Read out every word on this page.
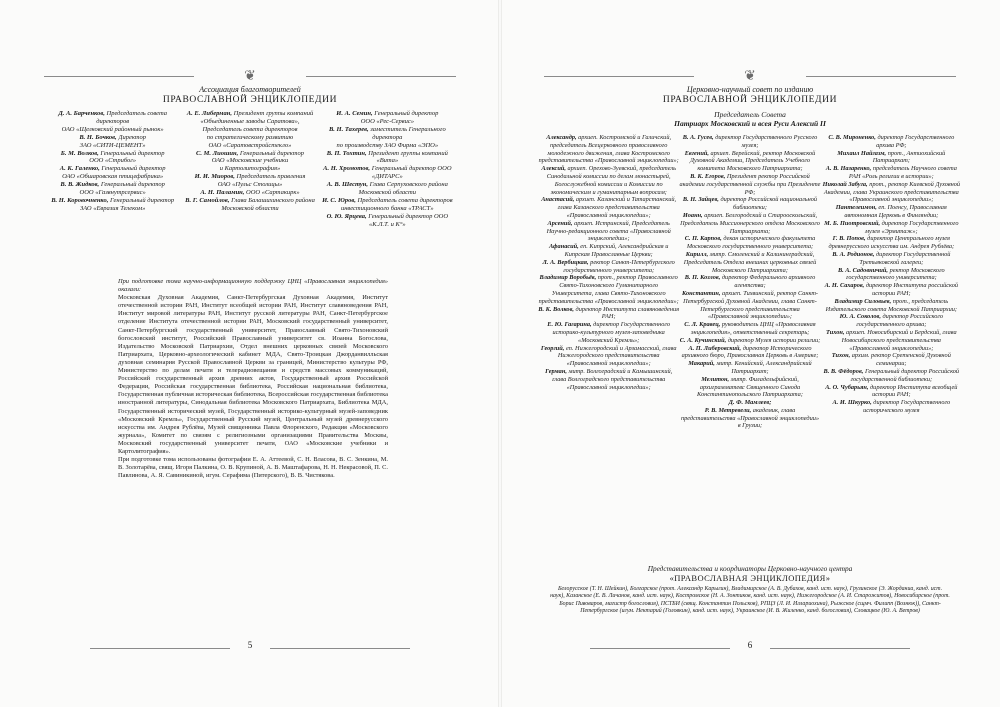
❦
Ассоциация благотворителей
ПРАВОСЛАВНОЙ ЭНЦИКЛОПЕДИИ
Д. А. Барченков, Председатель совета директоров
ОАО «Щелковский районный рынок»
В. Н. Бочков, Директор
ЗАО «СИТИ-ЦЕМЕНТ»
Б. М. Волков, Генеральный директор
ООО «Стрибог»
А. К. Галенко, Генеральный директор
ОАО «Обшаровская птицефабрика»
В. В. Жидков, Генеральный директор
ООО «Газвнутрсервис»
В. Н. Коровочненко, Генеральный директор
ЗАО «Евразия Телеком»
А. Е. Либерман, Президент группы компаний
«Объединенные заводы Саратова»,
Председатель совета директоров
по стратегическому развитию
ОАО «Саратовстройстекло»
С. М. Лиошин, Генеральный директор
ОАО «Московские учебники
и Картолитография»
И. И. Миоров, Председатель правления
ОАО «Пульс Столицы»
А. Н. Паламин, ООО «Сартакирк»
В. Г. Самойлов, Глава Балашихинского района
Московской области
И. А. Семин, Генеральный директор
ООО «Рес-Сервис»
В. Н. Тахерев, заместитель Генерального директора
по производству ЗАО Фирма «ЭПО»
В. П. Тохтин, Президент группы компаний «Вита»
А. Н. Хромотов, Генеральный директор ООО «ДИТАРС»
А. В. Шестун, Глава Серпуховского района
Московской области
И. С. Юров, Председатель совета директоров
инвестиционного банка «ТРАСТ»
О. Ю. Ярцева, Генеральный директор ООО «К.Л.Т. и К°»
При подготовке тома научно-информационную поддержку ЦНЦ «Православная энциклопедия» оказали:
Московская Духовная Академия, Санкт-Петербургская Духовная Академия, Институт отечественной истории РАН, Институт всеобщей истории РАН, Институт славяноведения РАН, Институт мировой литературы РАН, Институт русской литературы РАН, Санкт-Петербургское отделение Института отечественной истории РАН, Московский государственный университет, Санкт-Петербургский государственный университет, Православный Свято-Тихоновский богословский институт, Российский Православный университет св. Иоанна Богослова, Издательство Московской Патриархии, Отдел внешних церковных связей Московского Патриархата, Церковно-археологический кабинет МДА, Свято-Троицкая Джорданвилльская духовная семинария Русской Православной Церкви за границей, Министерство культуры РФ, Министерство по делам печати и телерадиовещания и средств массовых коммуникаций, Российский государственный архив древних актов, Государственный архив Российской Федерации, Российская государственная библиотека, Российская национальная библиотека, Государственная публичная историческая библиотека, Всероссийская государственная библиотека иностранной литературы, Синодальная библиотека Московского Патриархата, Библиотека МДА, Государственный исторический музей, Государственный историко-культурный музей-заповедник «Московский Кремль», Государственный Русский музей, Центральный музей древнерусского искусства им. Андрея Рублёва, Музей священника Павла Флоренского, Редакция «Московского журнала», Комитет по связям с религиозными организациями Правительства Москвы, Московский государственный университет печати, ОАО «Московские учебники и Картолитография».
При подготовке тома использованы фотографии Е. А. Аттеевой, С. Н. Власова, В. С. Зенкина, М. В. Золотарёва, свящ. Игоря Палкина, О. В. Крупиной, А. В. Маштафарова, Н. Н. Некрасовой, П. С. Павлинова, А. Я. Савиникиной, игум. Серафима (Питерского), В. В. Чистякова.
5
❦
Церковно-научный совет по изданию
ПРАВОСЛАВНОЙ ЭНЦИКЛОПЕДИИ
Председатель Совета
Патриарх Московский и всея Руси Алексий II
Александр, архиеп. Костромской и Галичский, председатель Всецерковного православного молодежного движения, глава Костромского представительства «Православной энциклопедии»;
Алексий, архиеп. Орехово-Зуевский, председатель Синодальной комиссии по делам монастырей, Богослужебной комиссии и Комиссии по экономическим и гуманитарным вопросам;
Анастасий, архиеп. Казанский и Татарстанский, глава Казанского представительства «Православной энциклопедии»;
Арсений, архиеп. Истринский, Председатель Научно-редакционного совета «Православной энциклопедии»;
Афанасий, еп. Кипрский, Александрийская и Кипрская Православные Церкви;
Л. А. Вербицкая, ректор Санкт-Петербургского государственного университета;
Владимир Воробьёв, прот., ректор Православного Свято-Тихоновского Гуманитарного Университета, глава Свято-Тихоновского представительства «Православной энциклопедии»;
В. К. Волков, директор Института славяноведения РАН;
Е. Ю. Гагарина, директор Государственного историко-культурного музея-заповедника «Московский Кремль»;
Георгий, еп. Нижегородский и Арзамасский, глава Нижегородского представительства «Православной энциклопедии»;
Герман, митр. Волгоградский и Камышинский, глава Волгоградского представительства «Православной энциклопедии»;
В. А. Гусев, директор Государственного Русского музея;
Евгений, архиеп. Верейский, ректор Московской Духовной Академии, Председатель Учебного комитета Московского Патриархата;
В. К. Егоров, Президент ректор Российской академии государственной службы при Президенте РФ;
В. Н. Зайцев, директор Российской национальной библиотеки;
Иоанн, архиеп. Белгородский и Старооскольский, Председатель Миссионерского отдела Московского Патриархата;
С. П. Карпов, декан исторического факультета Московского государственного университета;
Кирилл, митр. Смоленский и Калининградский, Председатель Отдела внешних церковных связей Московского Патриархата;
В. П. Козлов, директор Федерального архивного агентства;
Константин, архиеп. Тихвинский, ректор Санкт-Петербургской Духовной Академии, глава Санкт-Петербургского представительства «Православной энциклопедии»;
С. Л. Кравец, руководитель ЦНЦ «Православная энциклопедия», ответственный секретарь;
С. А. Кучинский, директор Музея истории религии;
А. П. Либеровский, директор Исторического архивного бюро, Православная Церковь в Америке;
Макарий, митр. Кенийский, Александрийский Патриархат;
Мелитон, митр. Филадельфийский, архиграмматевс Священного Синода Константинопольского Патриархата;
Д. Ф. Мамлеев;
Р. В. Метревели, академик, глава представительства «Православной энциклопедии» в Грузии;
С. В. Мироненко, директор Государственного архива РФ;
Михаил Найгазм, прот., Антиохийский Патриархат;
А. В. Назаренко, председатель Научного совета РАН «Роль религии в истории»;
Николай Забуга, прот., ректор Киевской Духовной Академии, глава Украинского представительства «Православной энциклопедии»;
Пантелеимон, еп. Поенсу, Православная автономная Церковь в Финляндии;
М. Б. Пиотровский, директор Государственного музея «Эрмитаж»;
Г. В. Попов, директор Центрального музея древнерусского искусства им. Андрея Рублёва;
В. А. Родионов, директор Государственной Третьяковской галереи;
В. А. Садовничий, ректор Московского государственного университета;
А. Н. Сахаров, директор Института российской истории РАН;
Владимир Силовьев, прот., председатель Издательского совета Московской Патриархии;
Ю. А. Соколов, директор Российского государственного архива;
Тихон, архиеп. Новосибирский и Бердский, глава Новосибирского представительства «Православной энциклопедии»;
Тихон, архим. ректор Сретенской Духовной семинарии;
В. В. Фёдоров, Генеральный директор Российской государственной библиотеки;
А. О. Чубарьян, директор Института всеобщей истории РАН;
А. И. Шкурко, директор Государственного исторического музея
Представительства и координаторы Церковно-научного центра
«ПРАВОСЛАВНАЯ ЭНЦИКЛОПЕДИЯ»
Белорусское (Т. Н. Шейкин), Болгарское (прот. Александр Карыгин), Владимирское (А. В. Дубахов, канд. ист. наук), Грузинское (Э. Жорданиа, канд. ист. наук), Казанское (Е. В. Личанов, канд. ист. наук), Костромское (Н. А. Зонтиков, канд. ист. наук), Нижегородское (А. И. Старожитов), Новосибирское (прот. Борис Пивоваров, магистр богословия), ПСТБИ (свящ. Константин Польсков), РПЦЗ (Л. И. Иллариохина), Рыжское (сщмч. Филипп (Вознюк)), Санкт-Петербургское (игум. Нектарий (Головкин), канд. ист. наук), Украинское (И. В. Жиленко, канд. богословия), Словацкое (Ю. А. Ветров)
6
